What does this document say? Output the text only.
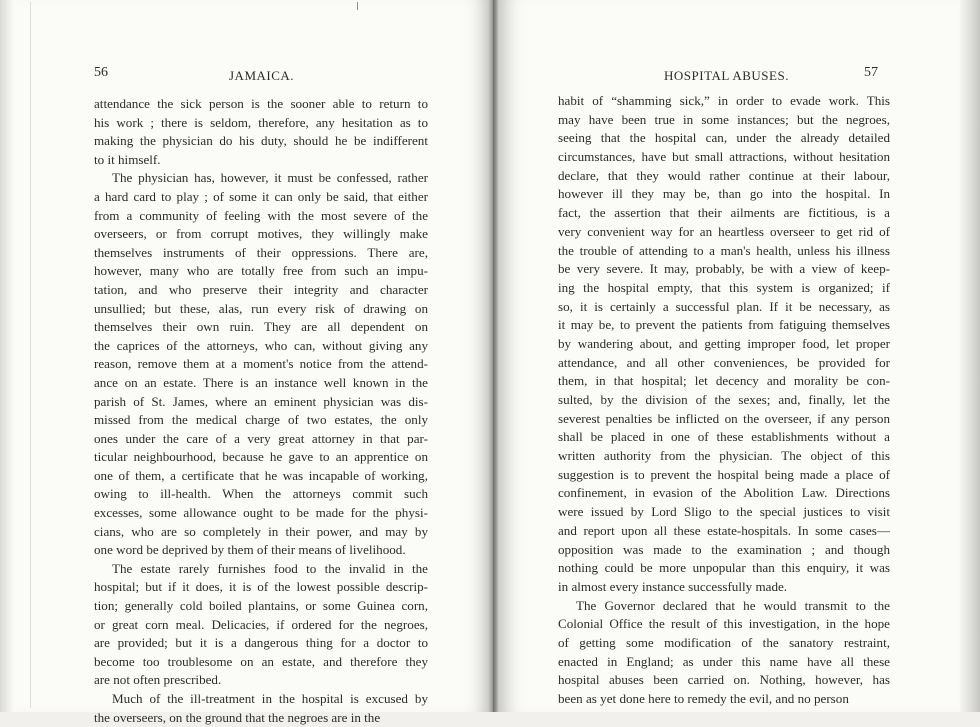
56	JAMAICA.
attendance the sick person is the sooner able to return to
his work ; there is seldom, therefore, any hesitation as to
making the physician do his duty, should he be indifferent
to it himself.
The physician has, however, it must be confessed, rather
a hard card to play ; of some it can only be said, that either
from a community of feeling with the most severe of the
overseers, or from corrupt motives, they willingly make
themselves instruments of their oppressions. There are,
however, many who are totally free from such an impu-
tation, and who preserve their integrity and character
unsullied; but these, alas, run every risk of drawing on
themselves their own ruin. They are all dependent on
the caprices of the attorneys, who can, without giving any
reason, remove them at a moment's notice from the attend-
ance on an estate. There is an instance well known in the
parish of St. James, where an eminent physician was dis-
missed from the medical charge of two estates, the only
ones under the care of a very great attorney in that par-
ticular neighbourhood, because he gave to an apprentice on
one of them, a certificate that he was incapable of working,
owing to ill-health. When the attorneys commit such
excesses, some allowance ought to be made for the physi-
cians, who are so completely in their power, and may by
one word be deprived by them of their means of livelihood.
The estate rarely furnishes food to the invalid in the
hospital; but if it does, it is of the lowest possible descrip-
tion; generally cold boiled plantains, or some Guinea corn,
or great corn meal. Delicacies, if ordered for the negroes,
are provided; but it is a dangerous thing for a doctor to
become too troublesome on an estate, and therefore they
are not often prescribed.
Much of the ill-treatment in the hospital is excused by
the overseers, on the ground that the negroes are in the
HOSPITAL ABUSES.	57
habit of “shamming sick,” in order to evade work. This
may have been true in some instances; but the negroes,
seeing that the hospital can, under the already detailed
circumstances, have but small attractions, without hesitation
declare, that they would rather continue at their labour,
however ill they may be, than go into the hospital. In
fact, the assertion that their ailments are fictitious, is a
very convenient way for an heartless overseer to get rid of
the trouble of attending to a man's health, unless his illness
be very severe. It may, probably, be with a view of keep-
ing the hospital empty, that this system is organized; if
so, it is certainly a successful plan. If it be necessary, as
it may be, to prevent the patients from fatiguing themselves
by wandering about, and getting improper food, let proper
attendance, and all other conveniences, be provided for
them, in that hospital; let decency and morality be con-
sulted, by the division of the sexes; and, finally, let the
severest penalties be inflicted on the overseer, if any person
shall be placed in one of these establishments without a
written authority from the physician. The object of this
suggestion is to prevent the hospital being made a place of
confinement, in evasion of the Abolition Law. Directions
were issued by Lord Sligo to the special justices to visit
and report upon all these estate-hospitals. In some cases—
opposition was made to the examination ; and though
nothing could be more unpopular than this enquiry, it was
in almost every instance successfully made.
The Governor declared that he would transmit to the
Colonial Office the result of this investigation, in the hope
of getting some modification of the sanatory restraint,
enacted in England; as under this name have all these
hospital abuses been carried on. Nothing, however, has
been as yet done here to remedy the evil, and no person
